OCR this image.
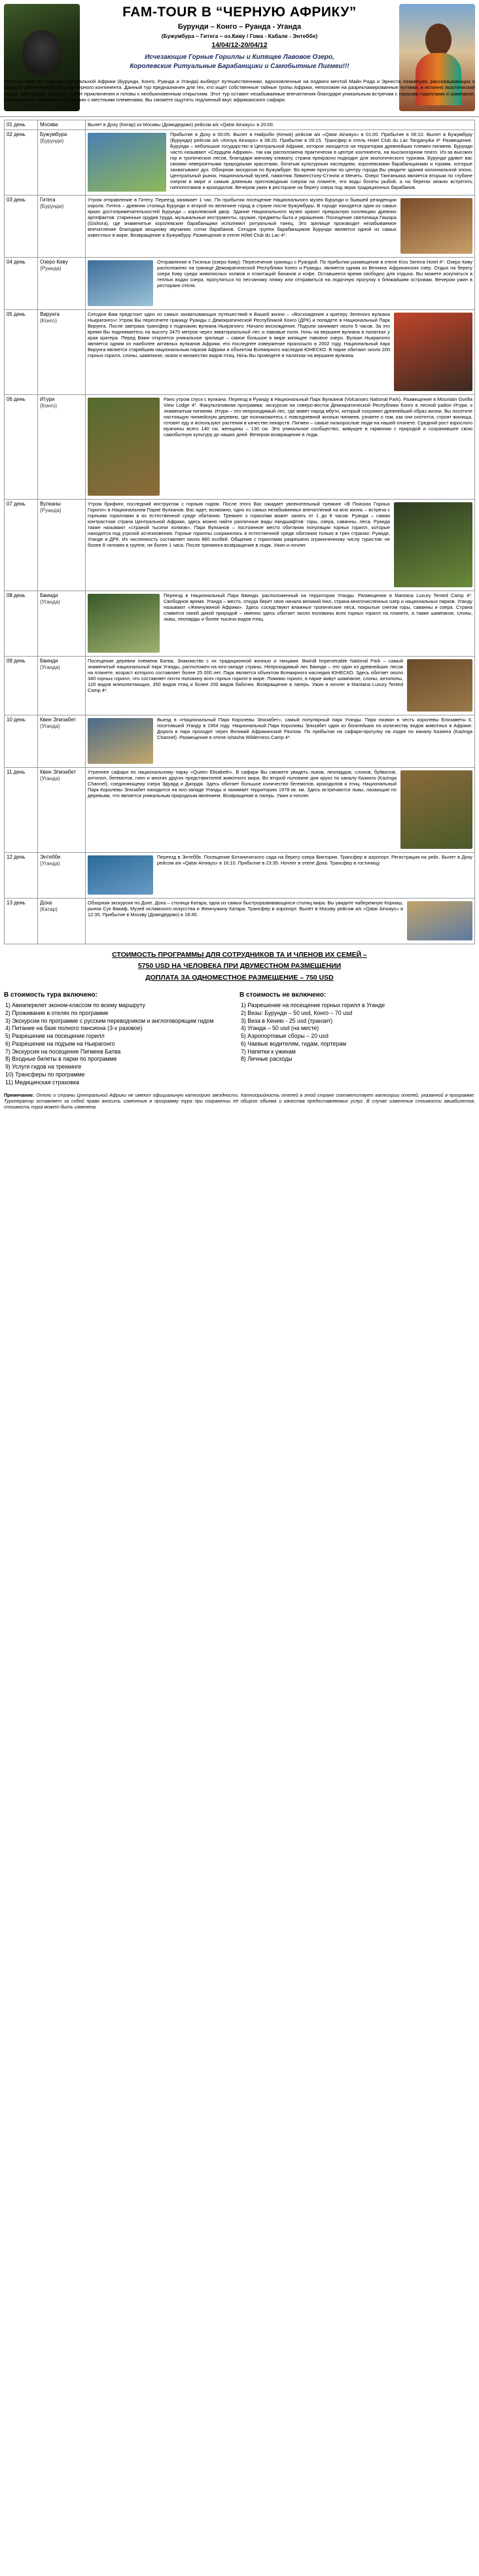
FAM-TOUR В “ЧЕРНУЮ АФРИКУ”
Бурунди – Конго – Руанда - Уганда
(Бужумбура – Гитега – оз.Киву / Гома - Кабале - Энтеббе)
14/04/12-20/04/12
Исчезающие Горные Гориллы и Кипящее Лавовое Озеро,
Королевские Ритуальные Барабанщики и Самобытные Пигмеи!!!
Путешествие по странам Центральной Африки (Бурунди, Конго, Руанда и Уганда) выберут путешественники, вдохновленные на подвиги мечтой Майн Рида и Эрнеста Хемингуэя, расскаэывающих о суровой девственной природе черного континента. Данный тур предназначен для тех, кто ищет собственные тайные тропы Африки, непохожие на разрекламированные путевки, и истинно экзотический отдых, для людей, которые любят приключения и готовы к необыкновенным открытиям. Этот тур оставит незабываемые впечатления благодаря уникальным встречам с горными гориллами и шимпанзе, восхождению на вулкан и общению с местными племенами, Вы сможете ощутить подлинный вкус африканского сафари.
01 день	Москва	Вылет в Доху (Катар) из Москвы (Домодедово) рейсом а/к «Qatar Airways» в 20:00.

02 день	Бужумбура
(Бурунди)	Прибытие в Доху в 00:05. Вылет в Найроби (Кения) рейсом а/к «Qatar Airways» в 01:00. Прибытие в 06:10. Вылет в Бужумбуру (Бурунди) рейсом а/к «Kenya Airways» в 08:20. Прибытие в 09:15. Трансфер в отель Hotel Club du Lac Tanganyika 4* Размещение. Бурунди – небольшое государство в Центральной Африке, которое находится на территории древнейших племен пигмеев. Бурунди часто называют «Сердцем Африки», так как расположена практически в центре континента, на высокогорном плато. Из-за высоких гор и тропических лесов, благодаря мягкому климату, страна прекрасно подходит для экологического туризма. Бурунди удивит вас своими невероятными природными красотами, богатым культурным наследием, королевскими барабанщиками и горами, которые захватывают дух. Обзорная экскурсия по Бужумбуре. Во время прогулки по центру города Вы увидите здания колониальной эпохи, Центральный рынок, Национальный музей, памятник Ливингстону-Стэнли и Мечеть. Озеро Танганьика является вторым по глубине озером в мире и самым длинным пресноводным озером на планете, его воды богаты рыбой, а на берегах можно встретить гиппопотамов и крокодилов. Вечером ужин в ресторане на берегу озера под звуки традиционных барабанов.

03 день	Гитега
(Бурунди)	Утром отправление в Гитегу. Переезд занимает 1 час. По прибытии посещение Национального музея Бурунди и бывшей резиденции короля. Гитега – древняя столица Бурунди и второй по величине город в стране после Бужумбуры. В городе находятся одни из самых ярких достопримечательностей Бурунди – королевский двор. Здание Национального музея хранит прекрасную коллекцию древних артефактов: старинные орудия труда, музыкальные инструменты, оружие, предметы быта и украшения. Посещение святилища Гишора (Gishora), где знаменитые королевские барабанщики исполняют ритуальный танец. Это зрелище производит незабываемое впечатление благодаря мощному звучанию сотни барабанов. Сегодня группа барабанщиков Бурунди является одной из самых известных в мире. Возвращение в Бужумбуру. Размещение в отеле Hôtel Club du Lac 4*.

04 день	Озеро Киву
(Руанда)	Отправление в Гисеньи (озеро Киву). Пересечение границы с Руандой. По прибытии размещение в отеле Kivu Serena Hotel 4*. Озеро Киву расположено на границе Демократической Республики Конго и Руанды, является одним из Великих Африканских озер. Отдых на берегу озера Киву среди живописных холмов и плантаций бананов и кофе. Оставшееся время свободно для отдыха. Вы можете искупаться в теплых водах озера, прогуляться по песчаному пляжу или отправиться на лодочную прогулку к ближайшим островам. Вечером ужин в ресторане отеля.

05 день	Вирунга
(Конго)	Сегодня Вам предстоит одно из самых захватывающих путешествий в Вашей жизни – «Восхождение к кратеру Зеленого вулкана Ньирагонго»! Утром Вы пересечете границу Руанды с Демократической Республикой Конго (ДРК) и попадете в Национальный Парк Вирунга. После завтрака трансфер к подножию вулкана Ньирагонго. Начало восхождения. Подъем занимает около 5 часов. За это время Вы поднимаетесь на высоту 3470 метров через экваториальный лес и лавовые поля. Ночь на вершине вулкана в палатках у края кратера. Перед Вами откроется уникальное зрелище – самое большое в мире кипящее лавовое озеро. Вулкан Ньирагонго является одним из наиболее активных вулканов Африки, его последнее извержение произошло в 2002 году. Национальный парк Вирунга является старейшим национальным парком Африки и объектом Всемирного наследия ЮНЕСКО. В парке обитают около 200 горных горилл, слоны, шимпанзе, окапи и множество видов птиц. Ночь Вы проведете в палатках на вершине вулкана.

06 день	Итури
(Конго)	Рано утром спуск с вулкана. Переезд в Руанду в Национальный Парк Вулканов (Volcanoes National Park). Размещение в Mountain Gorilla View Lodge 4*. Факультативная программа: экскурсия на северо-восток Демократической Республики Конго в лесной район Итури, к знаменитым пигмеям. Итури – это непроходимый лес, где живет народ мбути, который сохранил древнейший образ жизни. Вы посетите настоящую пигмейскую деревню, где познакомитесь с повседневной жизнью пигмеев, узнаете о том, как они охотятся, строят жилища, готовят еду и используют растения в качестве лекарств. Пигмеи – самые низкорослые люди на нашей планете. Средний рост взрослого мужчины всего 140 см, женщины – 130 см. Это уникальное сообщество, живущее в гармонии с природой и сохранившее свою самобытную культуру до наших дней. Вечером возвращение в лодж.

07 день	Вулканы
(Руанда)	Утром брифинг, последний инструктаж с горным гидом. После этого Вас ожидает увлекательный треккинг «В Поисках Горных Горилл» в Национальном Парке Вулканов. Вас ждет, возможно, одно из самых незабываемых впечатлений на всю жизнь – встреча с горными гориллами в их естественной среде обитания. Треккинг к гориллам может занять от 1 до 8 часов. Руанда – самая контрастная страна Центральной Африки, здесь можно найти различные виды ландшафтов: горы, озера, саванны, леса. Руанда также называют «страной тысячи холмов». Парк Вулканов – постоянное место обитания популяции горных горилл, которые находятся под угрозой исчезновения. Горные гориллы сохранились в естественной среде обитания только в трех странах: Руанде, Уганде и ДРК. Их численность составляет около 880 особей. Общение с гориллами разрешено ограниченному числу туристов: не более 8 человек в группе, не более 1 часа. После треккинга возвращение в лодж. Ужин и ночлег.

08 день	Бвинди
(Уганда)	Переезд в Национальный Парк Бвинди, расположенный на территории Уганды. Размещение в Mantana Luxury Tented Camp 4*. Свободное время. Уганда – место, откуда берет свое начало великий Нил, страна многочисленных озер и национальных парков. Уганду называют «Жемчужиной Африки». Здесь соседствуют влажные тропические леса, покрытые снегом горы, саванны и озера. Страна славится своей дикой природой – именно здесь обитает около половины всех горных горилл на планете, а также шимпанзе, слоны, львы, леопарды и более тысячи видов птиц.

09 день	Бвинди
(Уганда)	Посещение деревни племени Батва. Знакомство с их традиционной жизнью и танцами. Bwindi Impenetrable National Park – самый знаменитый национальный парк Уганды, расположен на юго-западе страны. Непроходимый лес Бвинди – это один из древнейших лесов на планете, возраст которого составляет более 25 000 лет. Парк является объектом Всемирного наследия ЮНЕСКО. Здесь обитает около 340 горных горилл, что составляет почти половину всех горных горилл в мире. Помимо горилл, в парке живут шимпанзе, слоны, антилопы, 120 видов млекопитающих, 350 видов птиц и более 200 видов бабочек. Возвращение в лагерь. Ужин и ночлег в Mantana Luxury Tented Camp 4*.

10 день	Квин Элизабет
(Уганда)	Выезд в «Национальный Парк Королевы Элизабет», самый популярный парк Уганды. Парк назван в честь королевы Елизаветы II, посетившей Уганду в 1954 году. Национальный Парк Королевы Элизабет один из богатейших по количеству видов животных в Африке. Дорога в парк проходит через Великий Африканский Разлом. По прибытии на сафари-прогулку на лодке по каналу Казинга (Kazinga Channel). Размещение в отеле Ishasha Wilderness Camp 4*.

11 день	Квин Элизабет
(Уганда)	Утреннее сафари по национальному парку «Queen Elisabeth». В сафари Вы сможете увидеть львов, леопардов, слонов, буйволов, антилоп, бегемотов, гиен и многих других представителей животного мира. Во второй половине дня круиз по каналу Казинга (Kazinga Channel), соединяющему озера Эдуард и Джордж. Здесь обитает большое количество бегемотов, крокодилов и птиц. Национальный Парк Королевы Элизабет находится на юго-западе Уганды и занимает территорию 1978 кв. км. Здесь встречаются львы, лазающие по деревьям, что является уникальным природным явлением. Возвращение в лагерь. Ужин и ночлег.

12 день	Энтеббе
(Уганда)	Переезд в Энтеббе. Посещение Ботанического сада на берегу озера Виктория. Трансфер в аэропорт. Регистрация на рейс. Вылет в Доху рейсом а/к «Qatar Airways» в 16:10. Прибытие в 23:35. Ночлег в отеле Доха. Трансфер в гостиницу.

13 день	Доха
(Катар)	Обзорная экскурсия по Дохе. Доха – столица Катара, одна из самых быстроразвивающихся столиц мира. Вы увидите набережную Корниш, рынок Сук Вакиф, Музей исламского искусства и Жемчужину Катара. Трансфер в аэропорт. Вылет в Москву рейсом а/к «Qatar Airways» в 12:35. Прибытие в Москву (Домодедово) в 18:45.
СТОИМОСТЬ ПРОГРАММЫ ДЛЯ СОТРУДНИКОВ ТА И ЧЛЕНОВ ИХ СЕМЕЙ –
5750 USD НА ЧЕЛОВЕКА ПРИ ДВУМЕСТНОМ РАЗМЕЩЕНИИ
ДОПЛАТА ЗА ОДНОМЕСТНОЕ РАЗМЕЩЕНИЕ – 750 USD
В стоимость тура включено:
1) Авиаперелет эконом-классом по всему маршруту
2) Проживание в отелях по программе
3) Экскурсии по программе с русским переводчиком и англоговорящим гидом
4) Питание на базе полного пансиона (3-х разовое)
5) Разрешение на посещение горилл
6) Разрешение на подъем на Ньирагонго
7) Экскурсия на посещение Пигмеев Батва
8) Входные билеты в парки по программе
9) Услуги гидов на треккинге
10) Трансферы по программе
11) Медицинская страховка
В стоимость не включено:
1) Разрешение на посещение горных горилл в Уганде
2) Визы: Бурунди – 50 usd, Конго – 70 usd
3) Виза в Кению - 25 usd (транзит)
4) Уганда – 50 usd (на месте)
5) Аэропортовые сборы – 20 usd
6) Чаевые водителям, гидам, портерам
7) Напитки к ужинам
8) Личные расходы
Примечание: Отели и страны Центральной Африки не имеют официальную категорию звездности. Категорийность отелей в этой стране соответствует категории отелей, указанной в программе. Туроператор оставляет за собой право вносить изменения в программу тура при сохранении её общего объема и качества предоставляемых услуг. В случае изменения стоимости авиабилетов, стоимость тура может быть изменена.
